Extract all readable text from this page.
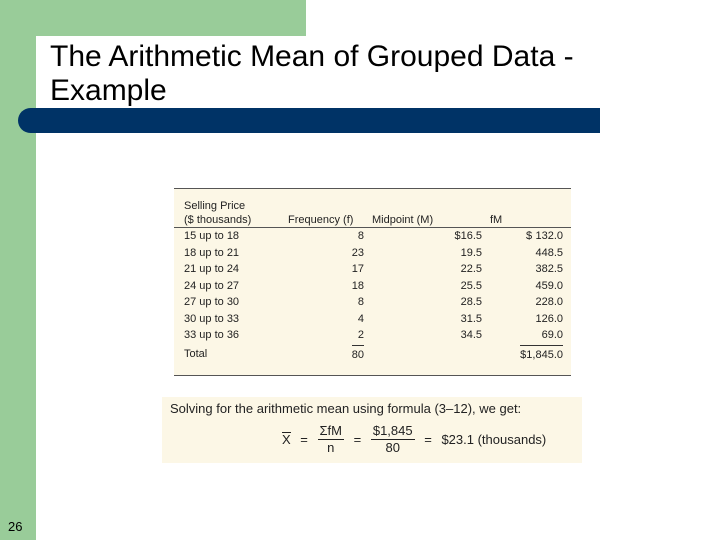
The Arithmetic Mean of Grouped Data - Example
Selling Price
($ thousands)	Frequency (f)	Midpoint (M)	fM
15 up to 18	8	$16.5	$ 132.0
18 up to 21	23	19.5	448.5
21 up to 24	17	22.5	382.5
24 up to 27	18	25.5	459.0
27 up to 30	8	28.5	228.0
30 up to 33	4	31.5	126.0
33 up to 36	2	34.5	69.0
Total	80		$1,845.0
Solving for the arithmetic mean using formula (3–12), we get:
$X = \frac{\text{ΣfM}}{n} = \frac{\$1,845}{80}$ = $23.1 (thousands)
26
